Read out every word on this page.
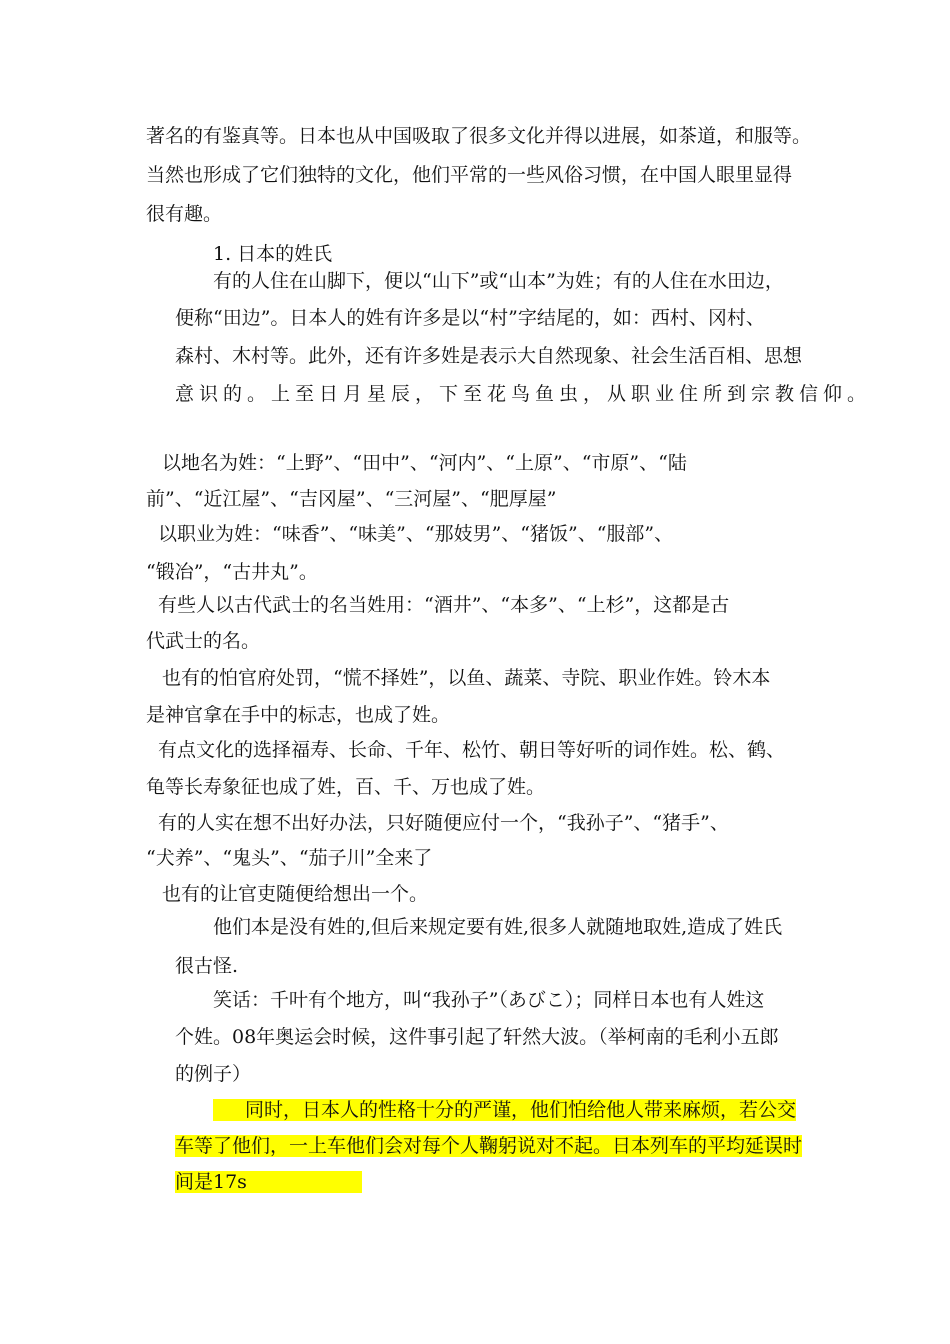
著名的有鉴真等。日本也从中国吸取了很多文化并得以进展，如茶道，和服等。

当然也形成了它们独特的文化，他们平常的一些风俗习惯，在中国人眼里显得

很有趣。

1. 日本的姓氏

有的人住在山脚下，便以“山下”或“山本”为姓；有的人住在水田边，

便称“田边”。日本人的姓有许多是以“村”字结尾的，如：西村、冈村、

森村、木村等。此外，还有许多姓是表示大自然现象、社会生活百相、思想

意识的。上至日月星辰，下至花鸟鱼虫，从职业住所到宗教信仰。

以地名为姓：“上野”、“田中”、“河内”、“上原”、“市原”、“陆

前”、“近江屋”、“吉冈屋”、“三河屋”、“肥厚屋”

以职业为姓：“味香”、“味美”、“那妓男”、“猪饭”、“服部”、

“锻冶”，“古井丸”。

有些人以古代武士的名当姓用：“酒井”、“本多”、“上杉”，这都是古

代武士的名。

也有的怕官府处罚，“慌不择姓”，以鱼、蔬菜、寺院、职业作姓。铃木本

是神官拿在手中的标志，也成了姓。

有点文化的选择福寿、长命、千年、松竹、朝日等好听的词作姓。松、鹤、

龟等长寿象征也成了姓，百、千、万也成了姓。

有的人实在想不出好办法，只好随便应付一个，“我孙子”、“猪手”、

“犬养”、“鬼头”、“茄子川”全来了

也有的让官吏随便给想出一个。

他们本是没有姓的,但后来规定要有姓,很多人就随地取姓,造成了姓氏

很古怪.

笑话：千叶有个地方，叫“我孙子”（あびこ）；同样日本也有人姓这

个姓。08年奥运会时候，这件事引起了轩然大波。（举柯南的毛利小五郎

的例子）

同时，日本人的性格十分的严谨，他们怕给他人带来麻烦，若公交

车等了他们，一上车他们会对每个人鞠躬说对不起。日本列车的平均延误时

间是17s
